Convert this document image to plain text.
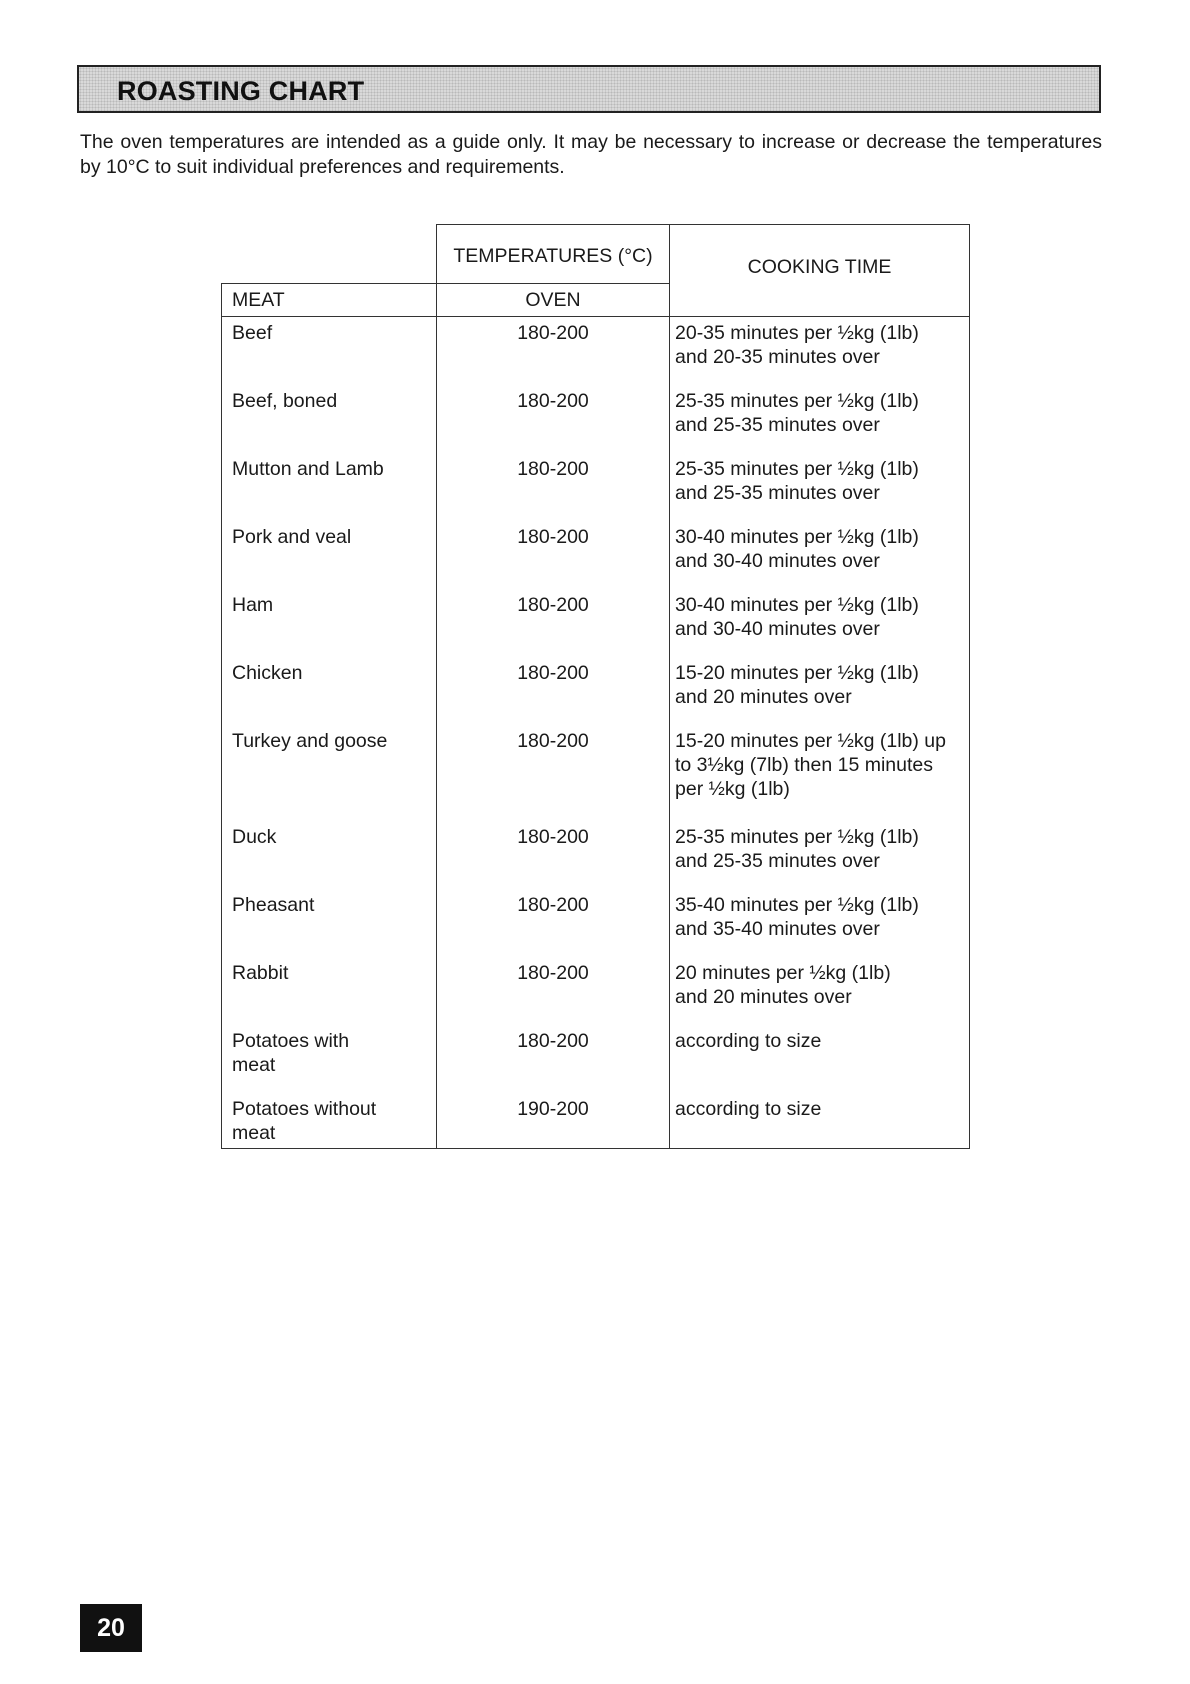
ROASTING CHART

The oven temperatures are intended as a guide only. It may be necessary to increase or decrease the temperatures by 10°C to suit individual preferences and requirements.

	TEMPERATURES (°C)	COOKING TIME
MEAT	OVEN	
Beef	180-200	20-35 minutes per ½kg (1lb)
and 20-35 minutes over

Beef, boned	180-200	25-35 minutes per ½kg (1lb)
and 25-35 minutes over

Mutton and Lamb	180-200	25-35 minutes per ½kg (1lb)
and 25-35 minutes over

Pork and veal	180-200	30-40 minutes per ½kg (1lb)
and 30-40 minutes over

Ham	180-200	30-40 minutes per ½kg (1lb)
and 30-40 minutes over

Chicken	180-200	15-20 minutes per ½kg (1lb)
and 20 minutes over

Turkey and goose	180-200	15-20 minutes per ½kg (1lb) up
to 3½kg (7lb) then 15 minutes
per ½kg (1lb)

Duck	180-200	25-35 minutes per ½kg (1lb)
and 25-35 minutes over

Pheasant	180-200	35-40 minutes per ½kg (1lb)
and 35-40 minutes over

Rabbit	180-200	20 minutes per ½kg (1lb)
and 20 minutes over

Potatoes with
meat	180-200	according to size

Potatoes without
meat	190-200	according to size
20
